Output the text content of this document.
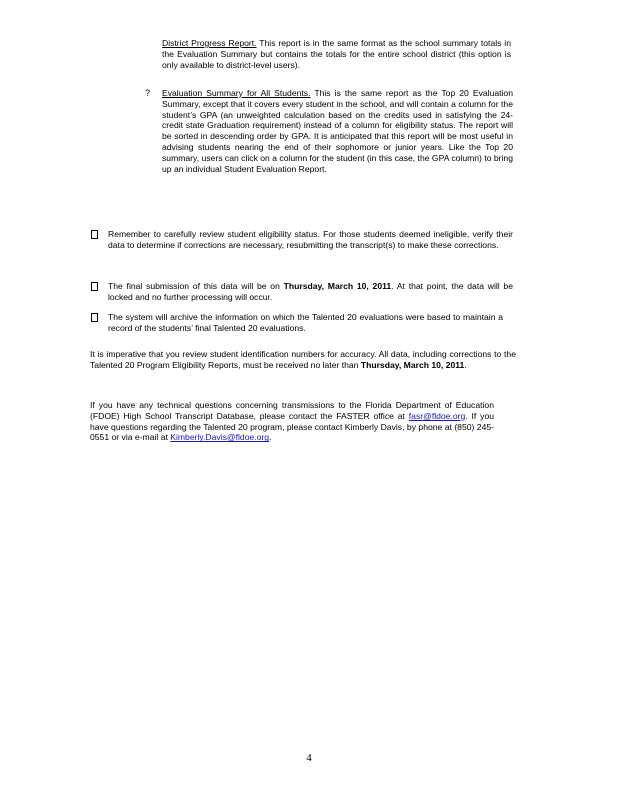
District Progress Report. This report is in the same format as the school summary totals in the Evaluation Summary but contains the totals for the entire school district (this option is only available to district-level users).

? Evaluation Summary for All Students. This is the same report as the Top 20 Evaluation Summary, except that it covers every student in the school, and will contain a column for the student’s GPA (an unweighted calculation based on the credits used in satisfying the 24-credit state Graduation requirement) instead of a column for eligibility status. The report will be sorted in descending order by GPA. It is anticipated that this report will be most useful in advising students nearing the end of their sophomore or junior years. Like the Top 20 summary, users can click on a column for the student (in this case, the GPA column) to bring up an individual Student Evaluation Report.

Remember to carefully review student eligibility status. For those students deemed ineligible, verify their data to determine if corrections are necessary, resubmitting the transcript(s) to make these corrections.

The final submission of this data will be on Thursday, March 10, 2011. At that point, the data will be locked and no further processing will occur.

The system will archive the information on which the Talented 20 evaluations were based to maintain a record of the students’ final Talented 20 evaluations.

It is imperative that you review student identification numbers for accuracy. All data, including corrections to the Talented 20 Program Eligibility Reports, must be received no later than Thursday, March 10, 2011.

If you have any technical questions concerning transmissions to the Florida Department of Education (FDOE) High School Transcript Database, please contact the FASTER office at fasr@fldoe.org. If you have questions regarding the Talented 20 program, please contact Kimberly Davis, by phone at (850) 245-0551 or via e-mail at Kimberly.Davis@fldoe.org.

4
